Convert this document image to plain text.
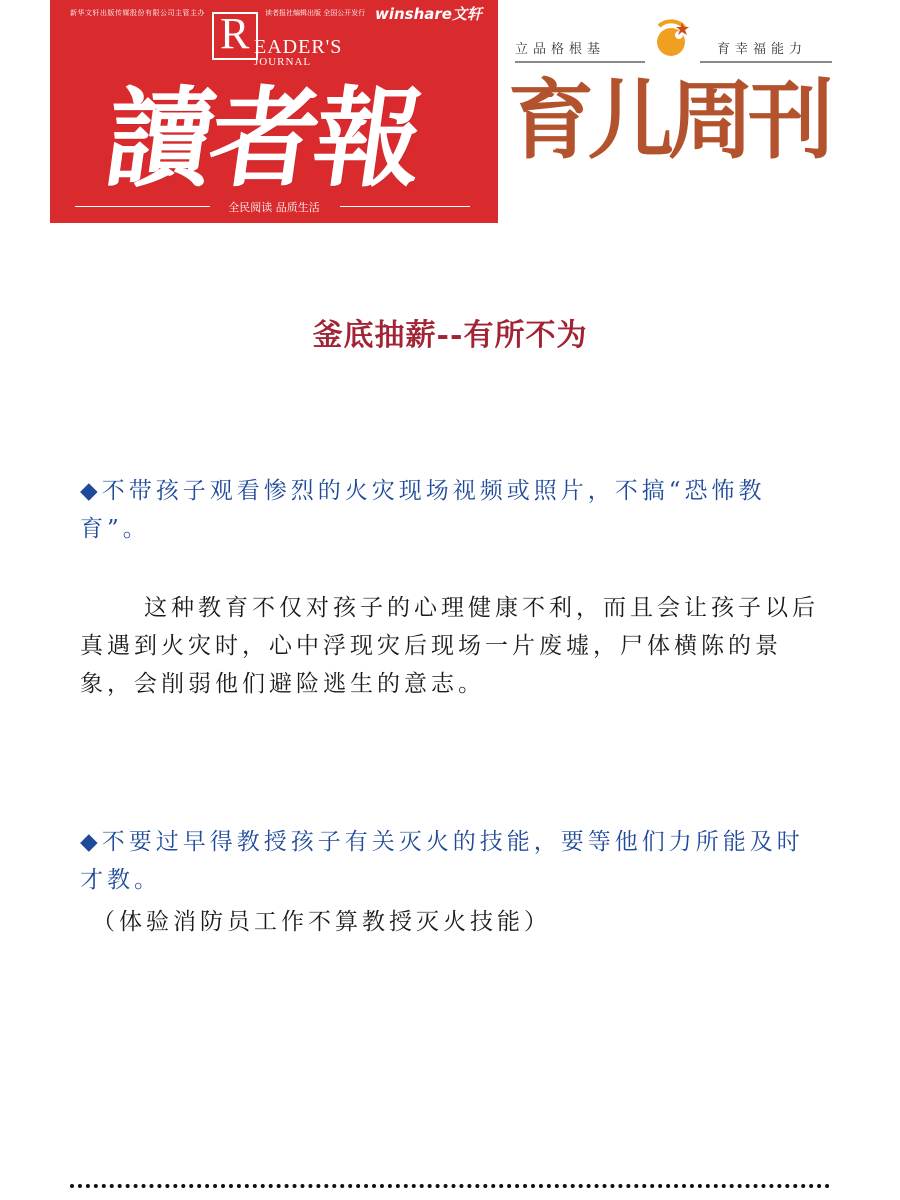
新华文轩出版传媒股份有限公司主管主办	读者报社编辑出版 全国公开发行 winshare文轩
R EADER'S
JOURNAL
讀者報
全民阅读 品质生活
立品格根基	育幸福能力
育儿周刊
釜底抽薪--有所不为
◆不带孩子观看惨烈的火灾现场视频或照片，不搞“恐怖教育”。
这种教育不仅对孩子的心理健康不利，而且会让孩子以后真遇到火灾时，心中浮现灾后现场一片废墟，尸体横陈的景象，会削弱他们避险逃生的意志。
◆不要过早得教授孩子有关灭火的技能，要等他们力所能及时才教。
（体验消防员工作不算教授灭火技能）
